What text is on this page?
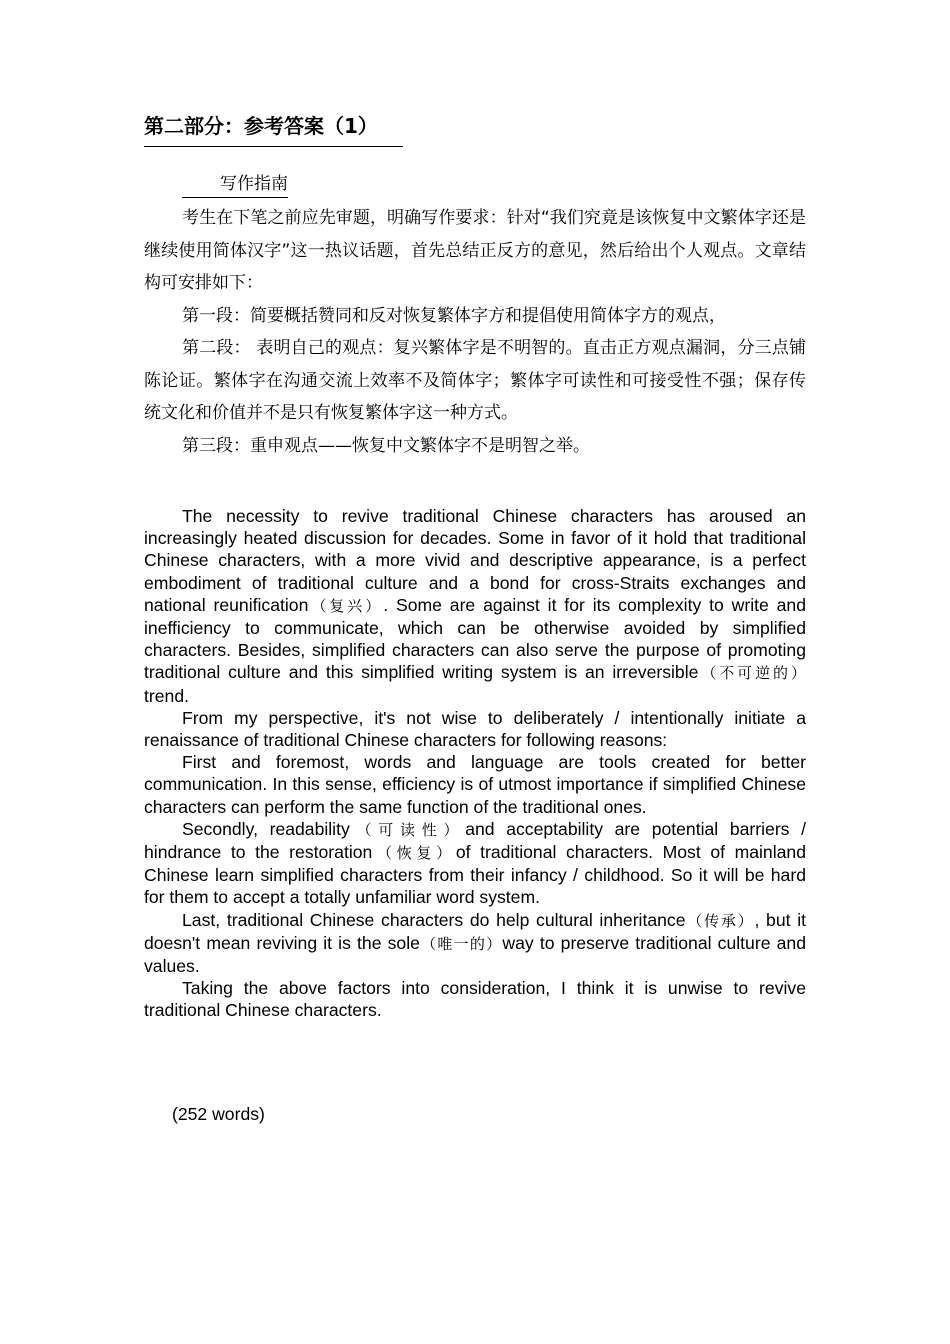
第二部分：参考答案（1）

写作指南

考生在下笔之前应先审题，明确写作要求：针对“我们究竟是该恢复中文繁体字还是继续使用简体汉字”这一热议话题，首先总结正反方的意见，然后给出个人观点。文章结构可安排如下：

第一段：简要概括赞同和反对恢复繁体字方和提倡使用简体字方的观点，

第二段： 表明自己的观点：复兴繁体字是不明智的。直击正方观点漏洞，分三点铺陈论证。繁体字在沟通交流上效率不及简体字；繁体字可读性和可接受性不强；保存传统文化和价值并不是只有恢复繁体字这一种方式。

第三段：重申观点——恢复中文繁体字不是明智之举。

The necessity to revive traditional Chinese characters has aroused an increasingly heated discussion for decades. Some in favor of it hold that traditional Chinese characters, with a more vivid and descriptive appearance, is a perfect embodiment of traditional culture and a bond for cross-Straits exchanges and national reunification（复兴）. Some are against it for its complexity to write and inefficiency to communicate, which can be otherwise avoided by simplified characters. Besides, simplified characters can also serve the purpose of promoting traditional culture and this simplified writing system is an irreversible（不可逆的）trend.

From my perspective, it's not wise to deliberately / intentionally initiate a renaissance of traditional Chinese characters for following reasons:

First and foremost, words and language are tools created for better communication. In this sense, efficiency is of utmost importance if simplified Chinese characters can perform the same function of the traditional ones.

Secondly, readability（可读性）and acceptability are potential barriers / hindrance to the restoration（恢复）of traditional characters. Most of mainland Chinese learn simplified characters from their infancy / childhood. So it will be hard for them to accept a totally unfamiliar word system.

Last, traditional Chinese characters do help cultural inheritance（传承）, but it doesn't mean reviving it is the sole（唯一的）way to preserve traditional culture and values.

Taking the above factors into consideration, I think it is unwise to revive traditional Chinese characters.

(252 words)
